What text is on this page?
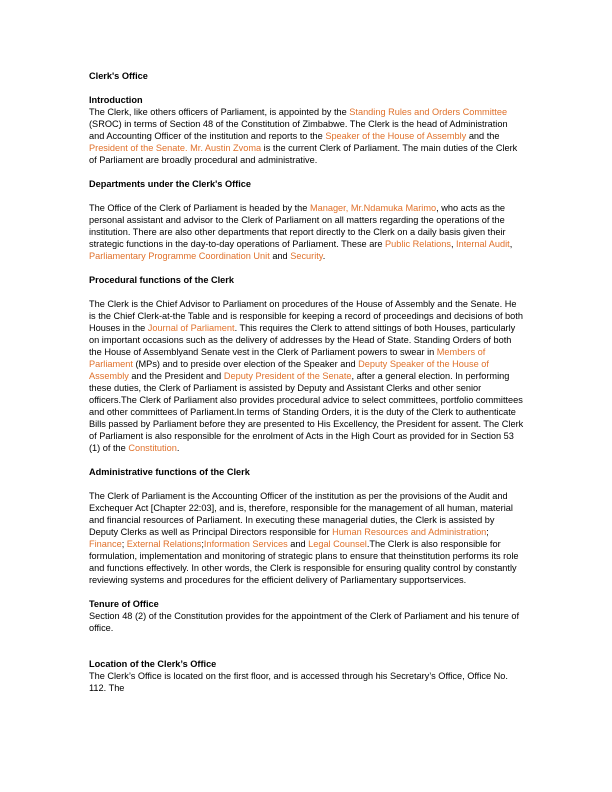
Clerk's Office
Introduction

The Clerk, like others officers of Parliament, is appointed by the Standing Rules and Orders Committee (SROC) in terms of Section 48 of the Constitution of Zimbabwe. The Clerk is the head of Administration and Accounting Officer of the institution and reports to the Speaker of the House of Assembly and the President of the Senate. Mr. Austin Zvoma is the current Clerk of Parliament. The main duties of the Clerk of Parliament are broadly procedural and administrative.

Departments under the Clerk's Office

The Office of the Clerk of Parliament is headed by the Manager, Mr.Ndamuka Marimo, who acts as the personal assistant and advisor to the Clerk of Parliament on all matters regarding the operations of the institution. There are also other departments that report directly to the Clerk on a daily basis given their strategic functions in the day-to-day operations of Parliament. These are Public Relations, Internal Audit, Parliamentary Programme Coordination Unit and Security.

Procedural functions of the Clerk

The Clerk is the Chief Advisor to Parliament on procedures of the House of Assembly and the Senate. He is the Chief Clerk-at-the Table and is responsible for keeping a record of proceedings and decisions of both Houses in the Journal of Parliament. This requires the Clerk to attend sittings of both Houses, particularly on important occasions such as the delivery of addresses by the Head of State. Standing Orders of both the House of Assemblyand Senate vest in the Clerk of Parliament powers to swear in Members of Parliament (MPs) and to preside over election of the Speaker and Deputy Speaker of the House of Assembly and the President and Deputy President of the Senate, after a general election. In performing these duties, the Clerk of Parliament is assisted by Deputy and Assistant Clerks and other senior officers.The Clerk of Parliament also provides procedural advice to select committees, portfolio committees and other committees of Parliament.In terms of Standing Orders, it is the duty of the Clerk to authenticate Bills passed by Parliament before they are presented to His Excellency, the President for assent. The Clerk of Parliament is also responsible for the enrolment of Acts in the High Court as provided for in Section 53 (1) of the Constitution.

Administrative functions of the Clerk

The Clerk of Parliament is the Accounting Officer of the institution as per the provisions of the Audit and Exchequer Act [Chapter 22:03], and is, therefore, responsible for the management of all human, material and financial resources of Parliament. In executing these managerial duties, the Clerk is assisted by Deputy Clerks as well as Principal Directors responsible for Human Resources and Administration; Finance; External Relations;Information Services and Legal Counsel.The Clerk is also responsible for formulation, implementation and monitoring of strategic plans to ensure that theinstitution performs its role and functions effectively. In other words, the Clerk is responsible for ensuring quality control by constantly reviewing systems and procedures for the efficient delivery of Parliamentary supportservices.

Tenure of Office

Section 48 (2) of the Constitution provides for the appointment of the Clerk of Parliament and his tenure of office.

Location of the Clerk’s Office

The Clerk’s Office is located on the first floor, and is accessed through his Secretary’s Office, Office No. 112. The
